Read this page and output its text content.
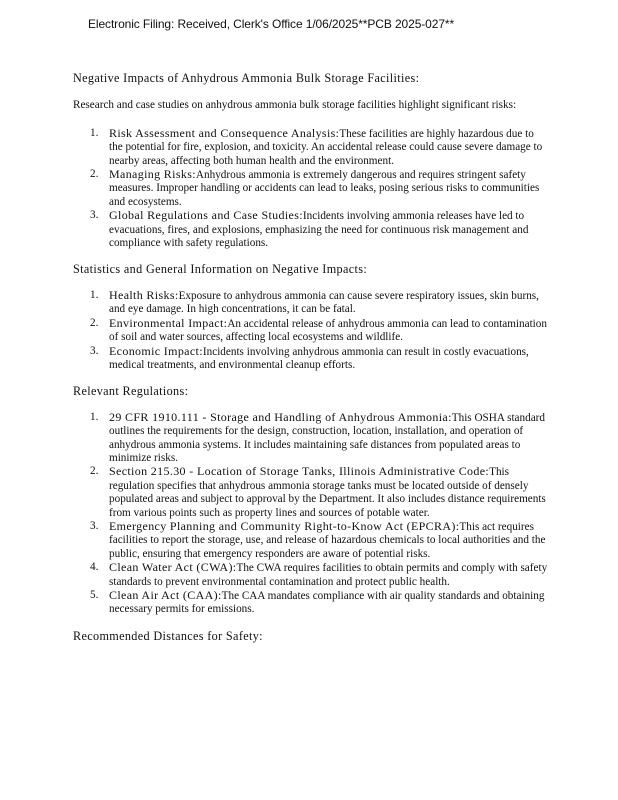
Electronic Filing: Received, Clerk's Office 1/06/2025**PCB 2025-027**

Negative Impacts of Anhydrous Ammonia Bulk Storage Facilities:

Research and case studies on anhydrous ammonia bulk storage facilities highlight significant risks:

1. Risk Assessment and Consequence Analysis:These facilities are highly hazardous due to the potential for fire, explosion, and toxicity. An accidental release could cause severe damage to nearby areas, affecting both human health and the environment.
2. Managing Risks:Anhydrous ammonia is extremely dangerous and requires stringent safety measures. Improper handling or accidents can lead to leaks, posing serious risks to communities and ecosystems.
3. Global Regulations and Case Studies:Incidents involving ammonia releases have led to evacuations, fires, and explosions, emphasizing the need for continuous risk management and compliance with safety regulations.

Statistics and General Information on Negative Impacts:

1. Health Risks:Exposure to anhydrous ammonia can cause severe respiratory issues, skin burns, and eye damage. In high concentrations, it can be fatal.
2. Environmental Impact:An accidental release of anhydrous ammonia can lead to contamination of soil and water sources, affecting local ecosystems and wildlife.
3. Economic Impact:Incidents involving anhydrous ammonia can result in costly evacuations, medical treatments, and environmental cleanup efforts.

Relevant Regulations:

1. 29 CFR 1910.111 - Storage and Handling of Anhydrous Ammonia:This OSHA standard outlines the requirements for the design, construction, location, installation, and operation of anhydrous ammonia systems. It includes maintaining safe distances from populated areas to minimize risks.
2. Section 215.30 - Location of Storage Tanks, Illinois Administrative Code:This regulation specifies that anhydrous ammonia storage tanks must be located outside of densely populated areas and subject to approval by the Department. It also includes distance requirements from various points such as property lines and sources of potable water.
3. Emergency Planning and Community Right-to-Know Act (EPCRA):This act requires facilities to report the storage, use, and release of hazardous chemicals to local authorities and the public, ensuring that emergency responders are aware of potential risks.
4. Clean Water Act (CWA):The CWA requires facilities to obtain permits and comply with safety standards to prevent environmental contamination and protect public health.
5. Clean Air Act (CAA):The CAA mandates compliance with air quality standards and obtaining necessary permits for emissions.

Recommended Distances for Safety:
